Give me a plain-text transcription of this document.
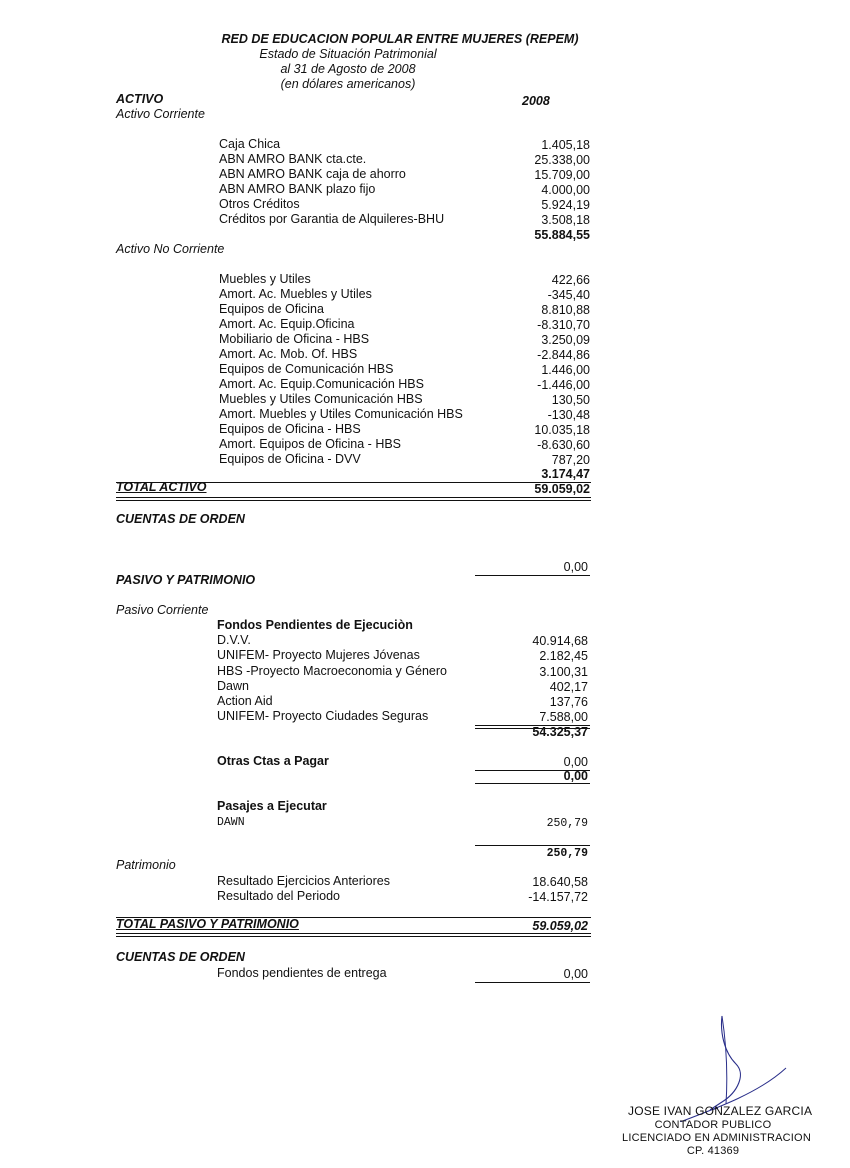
RED DE EDUCACION POPULAR ENTRE MUJERES (REPEM)
Estado de Situación Patrimonial
al 31 de Agosto de 2008
(en dólares americanos)
ACTIVO	2008
Activo Corriente
Caja Chica	1.405,18
ABN AMRO BANK cta.cte.	25.338,00
ABN AMRO BANK caja de ahorro	15.709,00
ABN AMRO BANK plazo fijo	4.000,00
Otros Créditos	5.924,19
Créditos por Garantia de Alquileres-BHU	3.508,18
55.884,55
Activo No Corriente
Muebles y Utiles	422,66
Amort. Ac. Muebles y Utiles	-345,40
Equipos de Oficina	8.810,88
Amort. Ac. Equip.Oficina	-8.310,70
Mobiliario de Oficina - HBS	3.250,09
Amort. Ac. Mob. Of. HBS	-2.844,86
Equipos de Comunicación HBS	1.446,00
Amort. Ac. Equip.Comunicación HBS	-1.446,00
Muebles y Utiles Comunicación HBS	130,50
Amort. Muebles y Utiles Comunicación HBS	-130,48
Equipos de Oficina - HBS	10.035,18
Amort. Equipos de Oficina - HBS	-8.630,60
Equipos de Oficina - DVV	787,20
3.174,47
TOTAL ACTIVO	59.059,02
CUENTAS DE ORDEN
0,00
PASIVO Y PATRIMONIO
Pasivo Corriente
Fondos Pendientes de Ejecuciòn
D.V.V.	40.914,68
UNIFEM- Proyecto Mujeres Jóvenas	2.182,45
HBS -Proyecto Macroeconomia y Género	3.100,31
Dawn	402,17
Action Aid	137,76
UNIFEM- Proyecto Ciudades Seguras	7.588,00
54.325,37
Otras Ctas a Pagar	0,00
0,00
Pasajes a Ejecutar
DAWN	250,79
250,79
Patrimonio
Resultado Ejercicios Anteriores	18.640,58
Resultado del Periodo	-14.157,72
TOTAL PASIVO Y PATRIMONIO	59.059,02
CUENTAS DE ORDEN
Fondos pendientes de entrega	0,00
JOSE IVAN GONZALEZ GARCIA
CONTADOR PUBLICO
LICENCIADO EN ADMINISTRACION
CP. 41369
